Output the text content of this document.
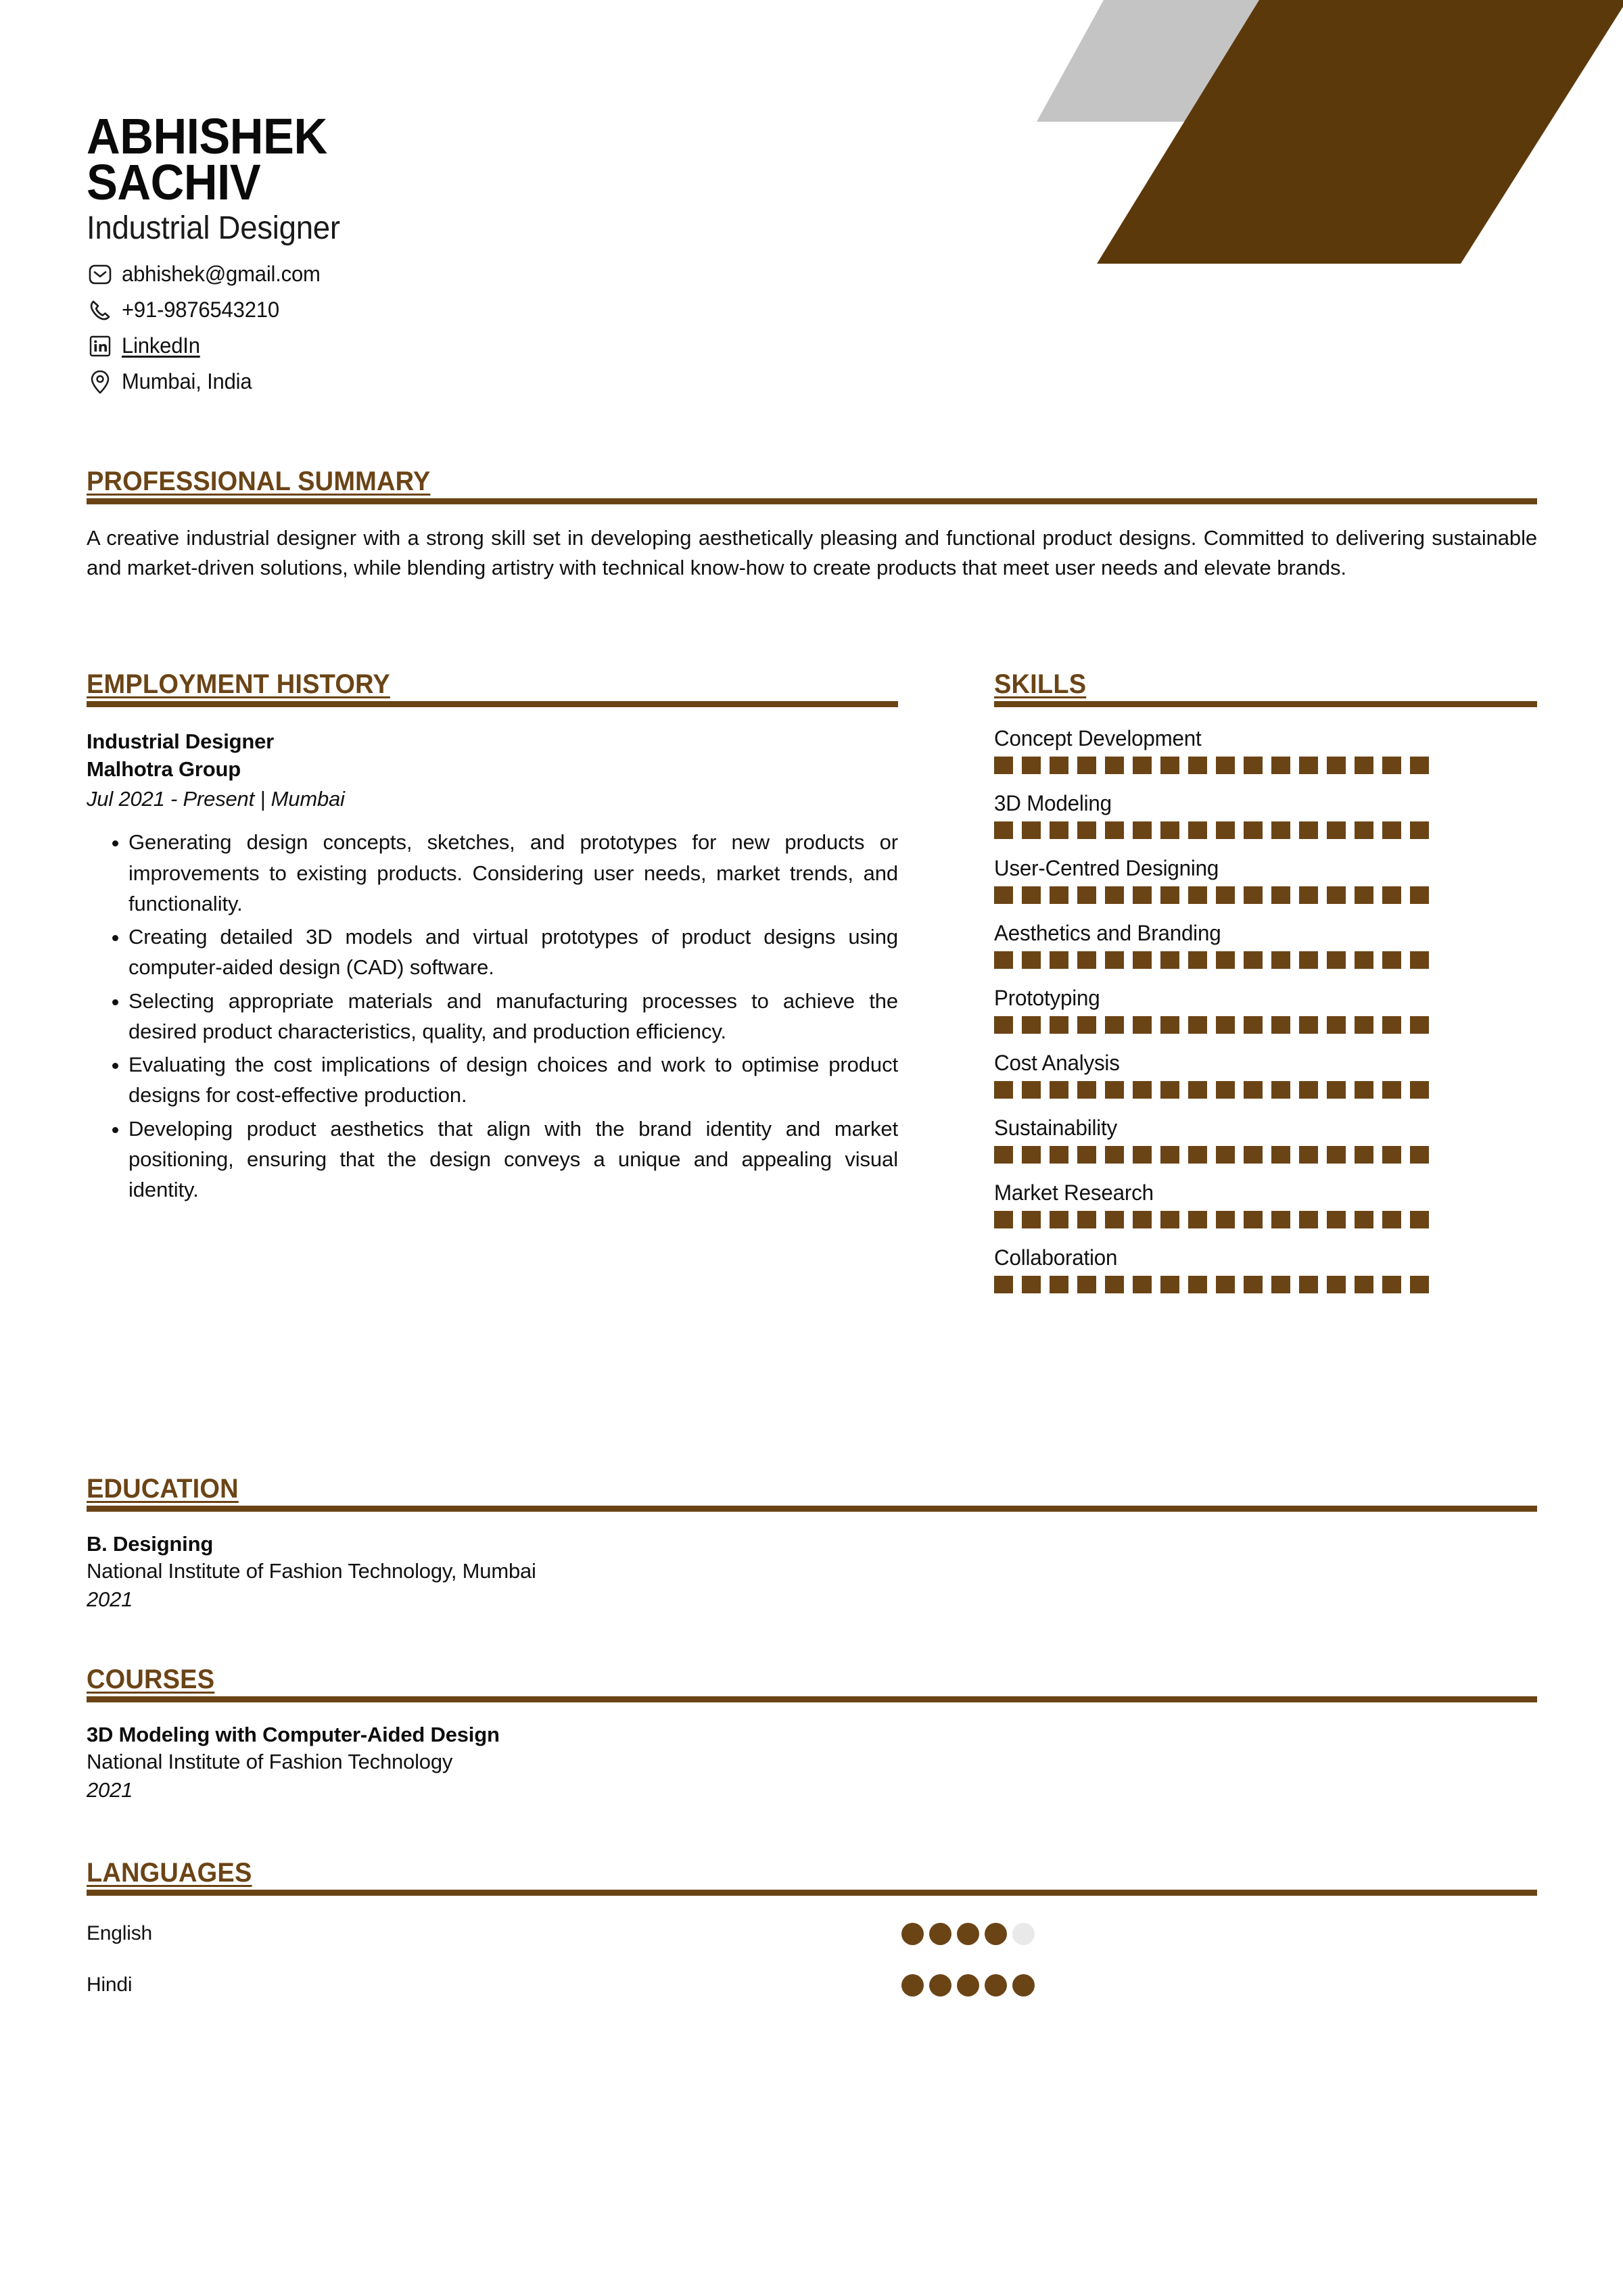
ABHISHEK
SACHIV
Industrial Designer
abhishek@gmail.com
+91-9876543210
LinkedIn
Mumbai, India
PROFESSIONAL SUMMARY
A creative industrial designer with a strong skill set in developing aesthetically pleasing and functional product designs. Committed to delivering sustainable and market-driven solutions, while blending artistry with technical know-how to create products that meet user needs and elevate brands.
EMPLOYMENT HISTORY
Industrial Designer
Malhotra Group
Jul 2021 - Present | Mumbai
• Generating design concepts, sketches, and prototypes for new products or improvements to existing products. Considering user needs, market trends, and functionality.
• Creating detailed 3D models and virtual prototypes of product designs using computer-aided design (CAD) software.
• Selecting appropriate materials and manufacturing processes to achieve the desired product characteristics, quality, and production efficiency.
• Evaluating the cost implications of design choices and work to optimise product designs for cost-effective production.
• Developing product aesthetics that align with the brand identity and market positioning, ensuring that the design conveys a unique and appealing visual identity.
SKILLS
Concept Development
3D Modeling
User-Centred Designing
Aesthetics and Branding
Prototyping
Cost Analysis
Sustainability
Market Research
Collaboration
EDUCATION
B. Designing
National Institute of Fashion Technology, Mumbai
2021
COURSES
3D Modeling with Computer-Aided Design
National Institute of Fashion Technology
2021
LANGUAGES
English
Hindi
